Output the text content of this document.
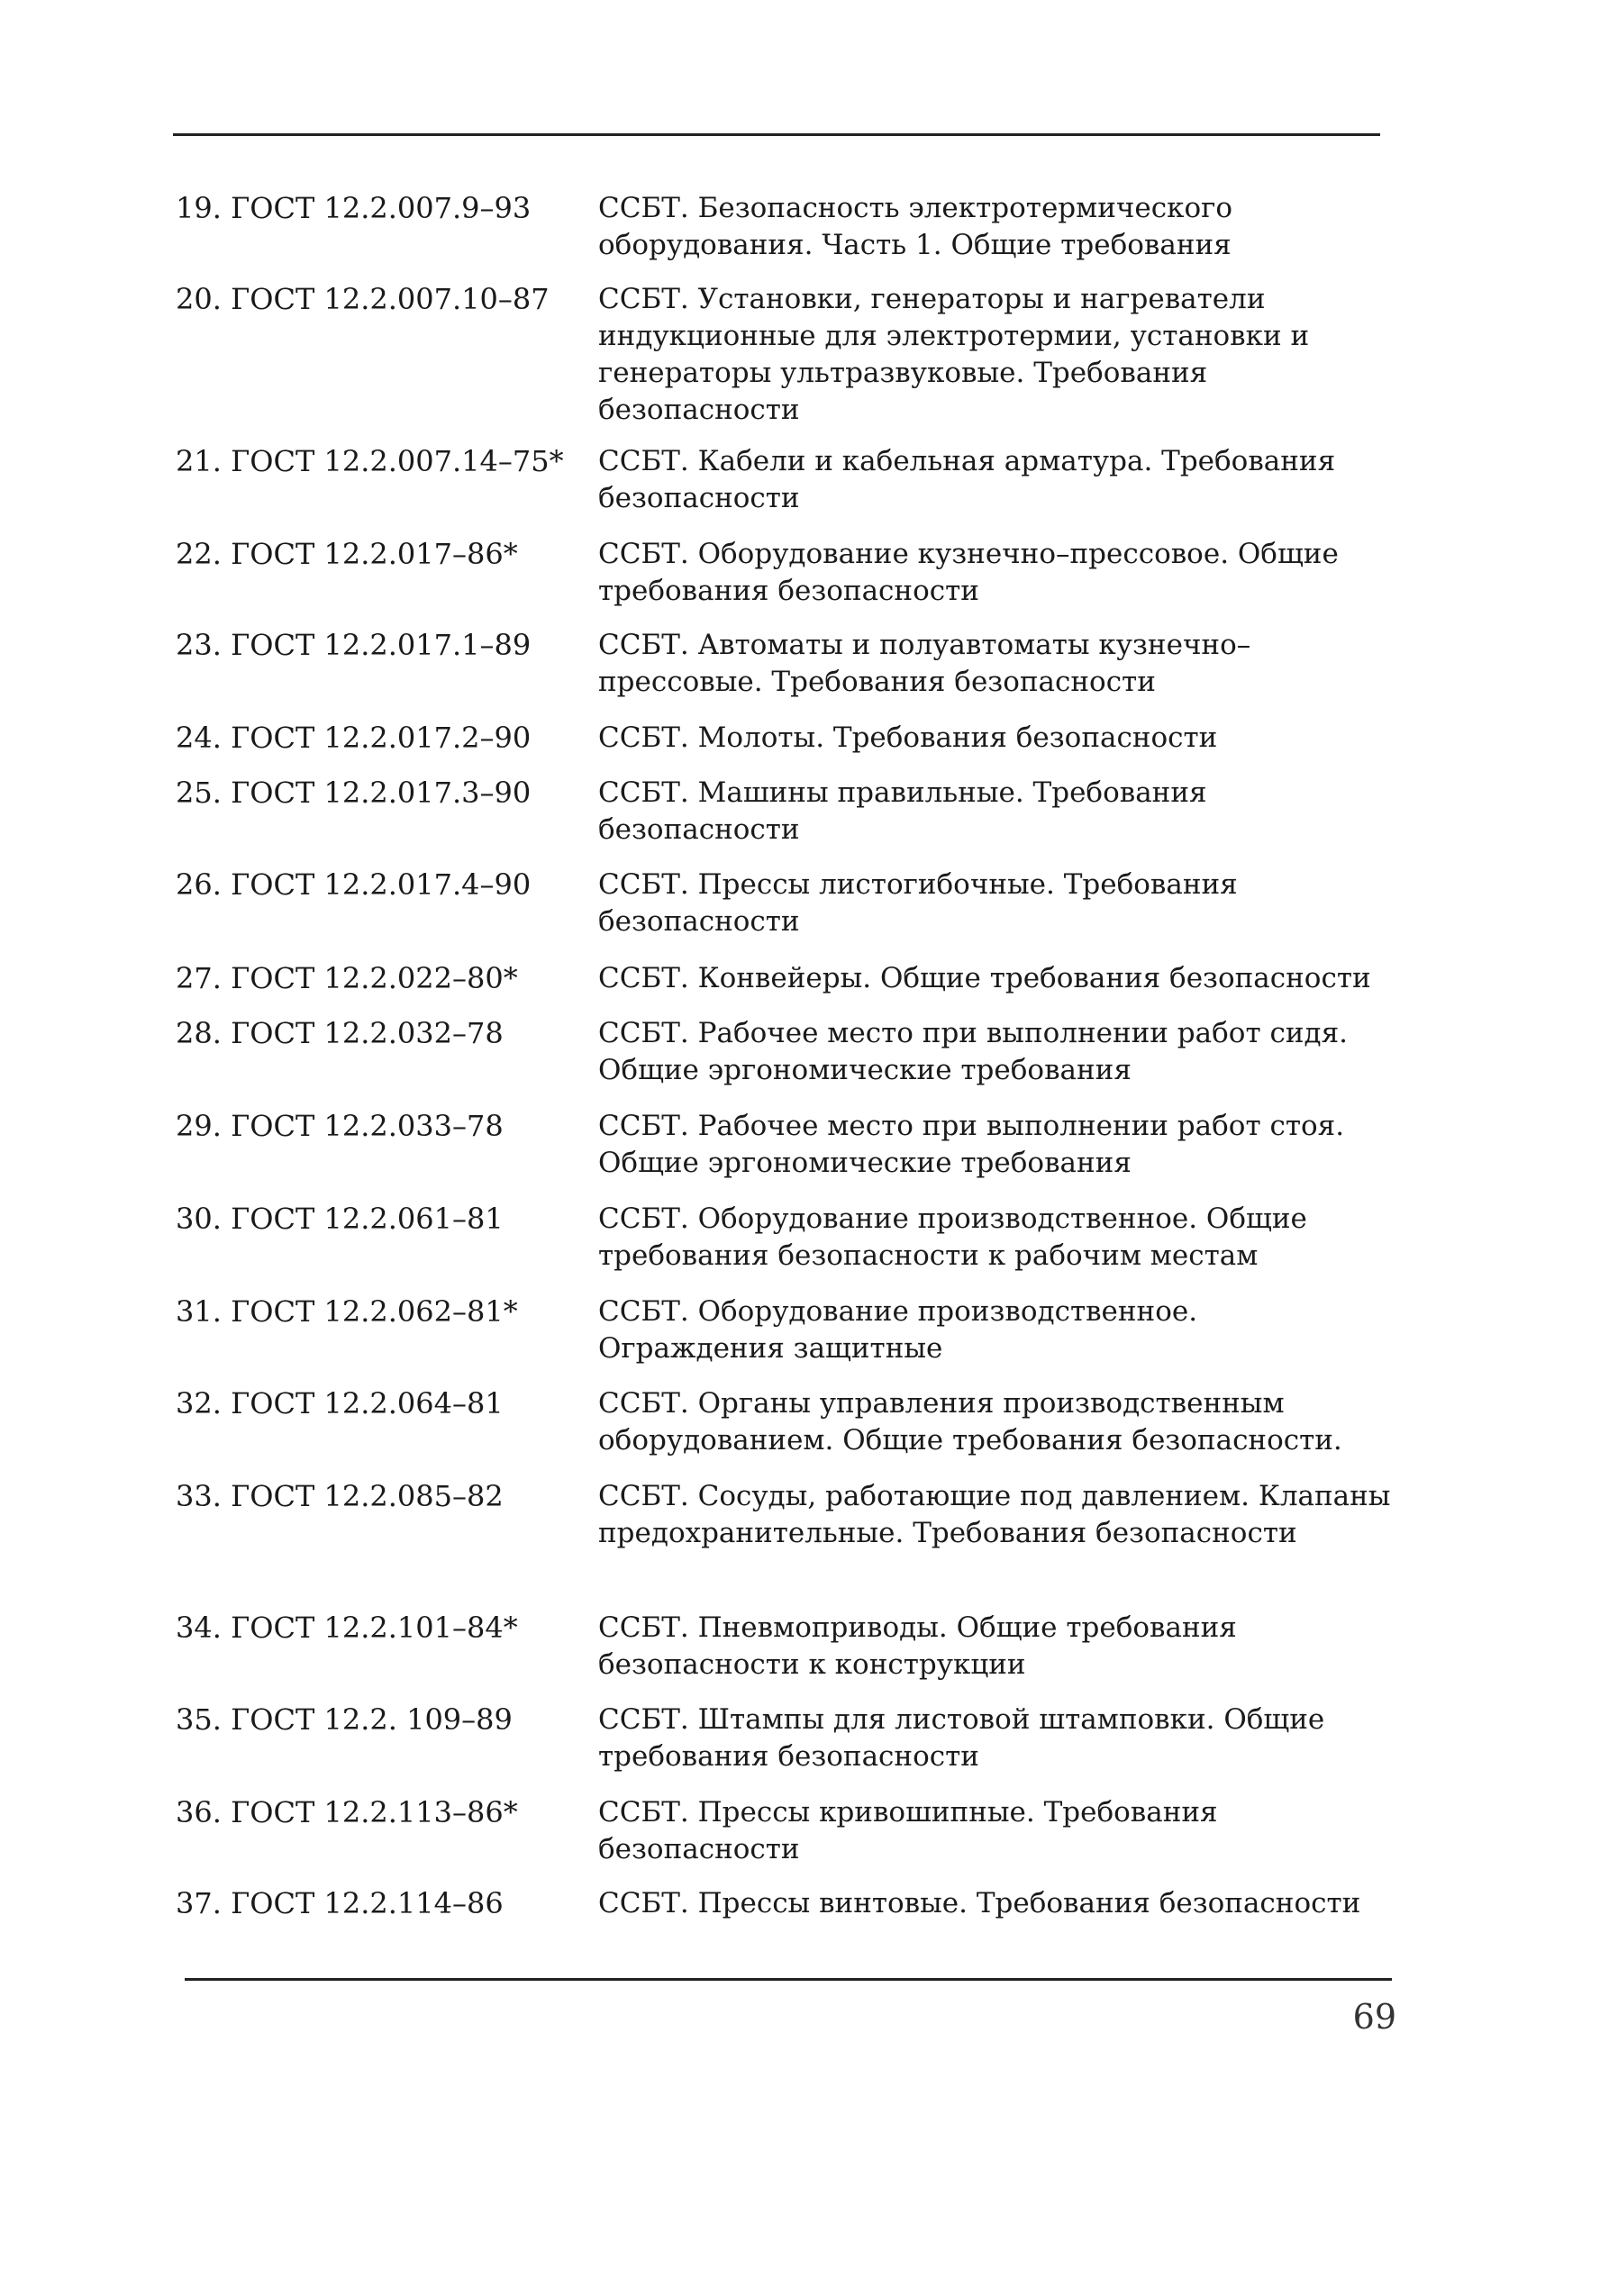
19. ГОСТ 12.2.007.9–93	ССБТ. Безопасность электротермического оборудования. Часть 1. Общие требования
20. ГОСТ 12.2.007.10–87	ССБТ. Установки, генераторы и нагреватели индукционные для электротермии, установки и генераторы ультразвуковые. Требования безопасности
21. ГОСТ 12.2.007.14–75*	ССБТ. Кабели и кабельная арматура. Требования безопасности
22. ГОСТ 12.2.017–86*	ССБТ. Оборудование кузнечно–прессовое. Общие требования безопасности
23. ГОСТ 12.2.017.1–89	ССБТ. Автоматы и полуавтоматы кузнечно–прессовые. Требования безопасности
24. ГОСТ 12.2.017.2–90	ССБТ. Молоты. Требования безопасности
25. ГОСТ 12.2.017.3–90	ССБТ. Машины правильные. Требования безопасности
26. ГОСТ 12.2.017.4–90	ССБТ. Прессы листогибочные. Требования безопасности
27. ГОСТ 12.2.022–80*	ССБТ. Конвейеры. Общие требования безопасности
28. ГОСТ 12.2.032–78	ССБТ. Рабочее место при выполнении работ сидя. Общие эргономические требования
29. ГОСТ 12.2.033–78	ССБТ. Рабочее место при выполнении работ стоя. Общие эргономические требования
30. ГОСТ 12.2.061–81	ССБТ. Оборудование производственное. Общие требования безопасности к рабочим местам
31. ГОСТ 12.2.062–81*	ССБТ. Оборудование производственное. Ограждения защитные
32. ГОСТ 12.2.064–81	ССБТ. Органы управления производственным оборудованием. Общие требования безопасности.
33. ГОСТ 12.2.085–82	ССБТ. Сосуды, работающие под давлением. Клапаны предохранительные. Требования безопасности
34. ГОСТ 12.2.101–84*	ССБТ. Пневмоприводы. Общие требования безопасности к конструкции
35. ГОСТ 12.2. 109–89	ССБТ. Штампы для листовой штамповки. Общие требования безопасности
36. ГОСТ 12.2.113–86*	ССБТ. Прессы кривошипные. Требования безопасности
37. ГОСТ 12.2.114–86	ССБТ. Прессы винтовые. Требования безопасности
69
